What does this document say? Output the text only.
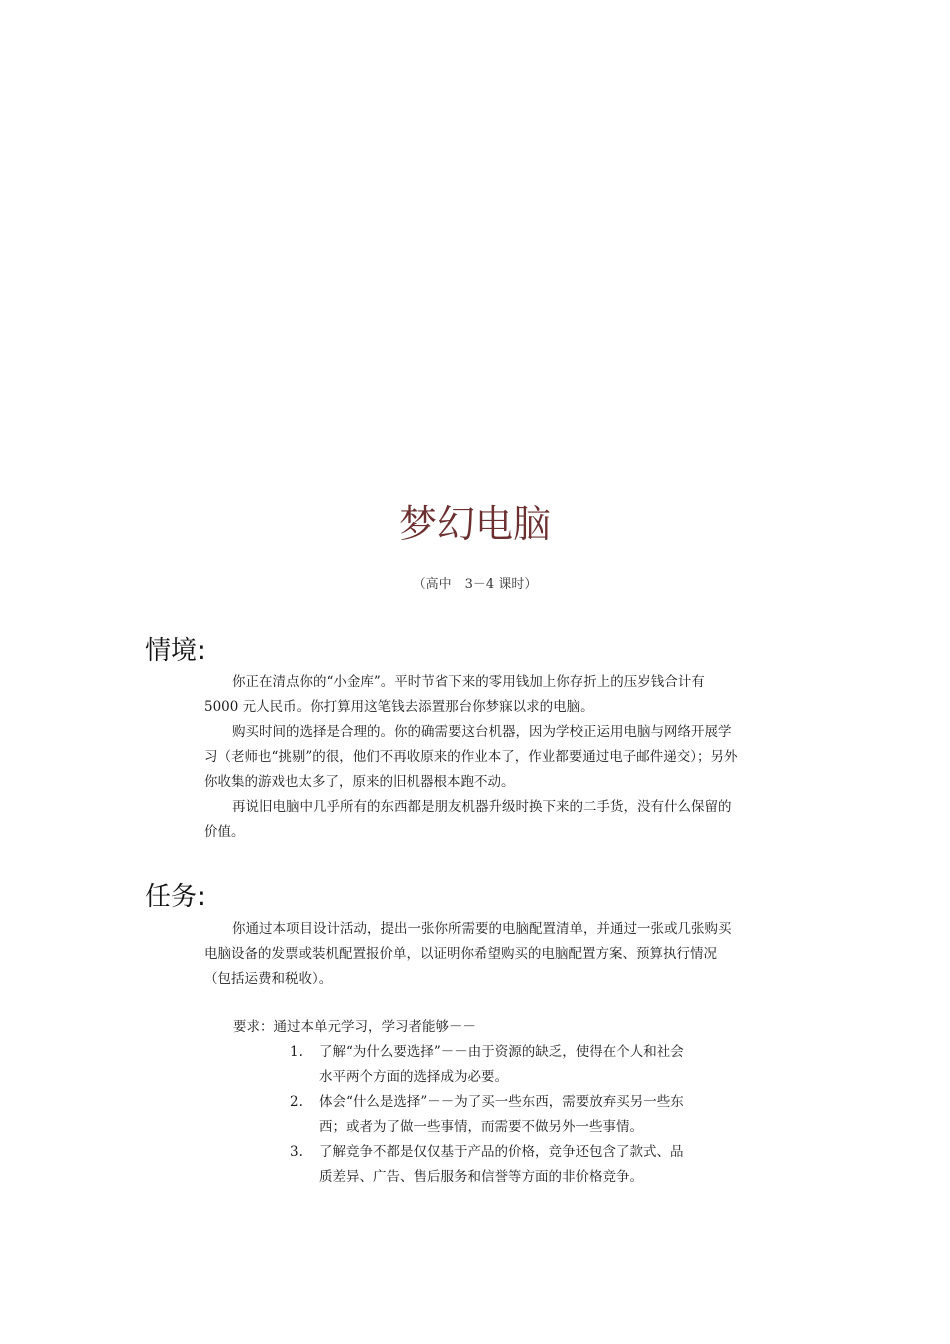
梦幻电脑
（高中　3－4 课时）
情境:

你正在清点你的“小金库”。平时节省下来的零用钱加上你存折上的压岁钱合计有 5000 元人民币。你打算用这笔钱去添置那台你梦寐以求的电脑。

购买时间的选择是合理的。你的确需要这台机器，因为学校正运用电脑与网络开展学习（老师也“挑剔”的很，他们不再收原来的作业本了，作业都要通过电子邮件递交）；另外你收集的游戏也太多了，原来的旧机器根本跑不动。

再说旧电脑中几乎所有的东西都是朋友机器升级时换下来的二手货，没有什么保留的价值。

任务:

你通过本项目设计活动，提出一张你所需要的电脑配置清单，并通过一张或几张购买电脑设备的发票或装机配置报价单，以证明你希望购买的电脑配置方案、预算执行情况（包括运费和税收）。

要求：通过本单元学习，学习者能够－－
1. 了解“为什么要选择”－－由于资源的缺乏，使得在个人和社会水平两个方面的选择成为必要。
2. 体会“什么是选择”－－为了买一些东西，需要放弃买另一些东西；或者为了做一些事情，而需要不做另外一些事情。
3. 了解竞争不都是仅仅基于产品的价格，竞争还包含了款式、品质差异、广告、售后服务和信誉等方面的非价格竞争。
